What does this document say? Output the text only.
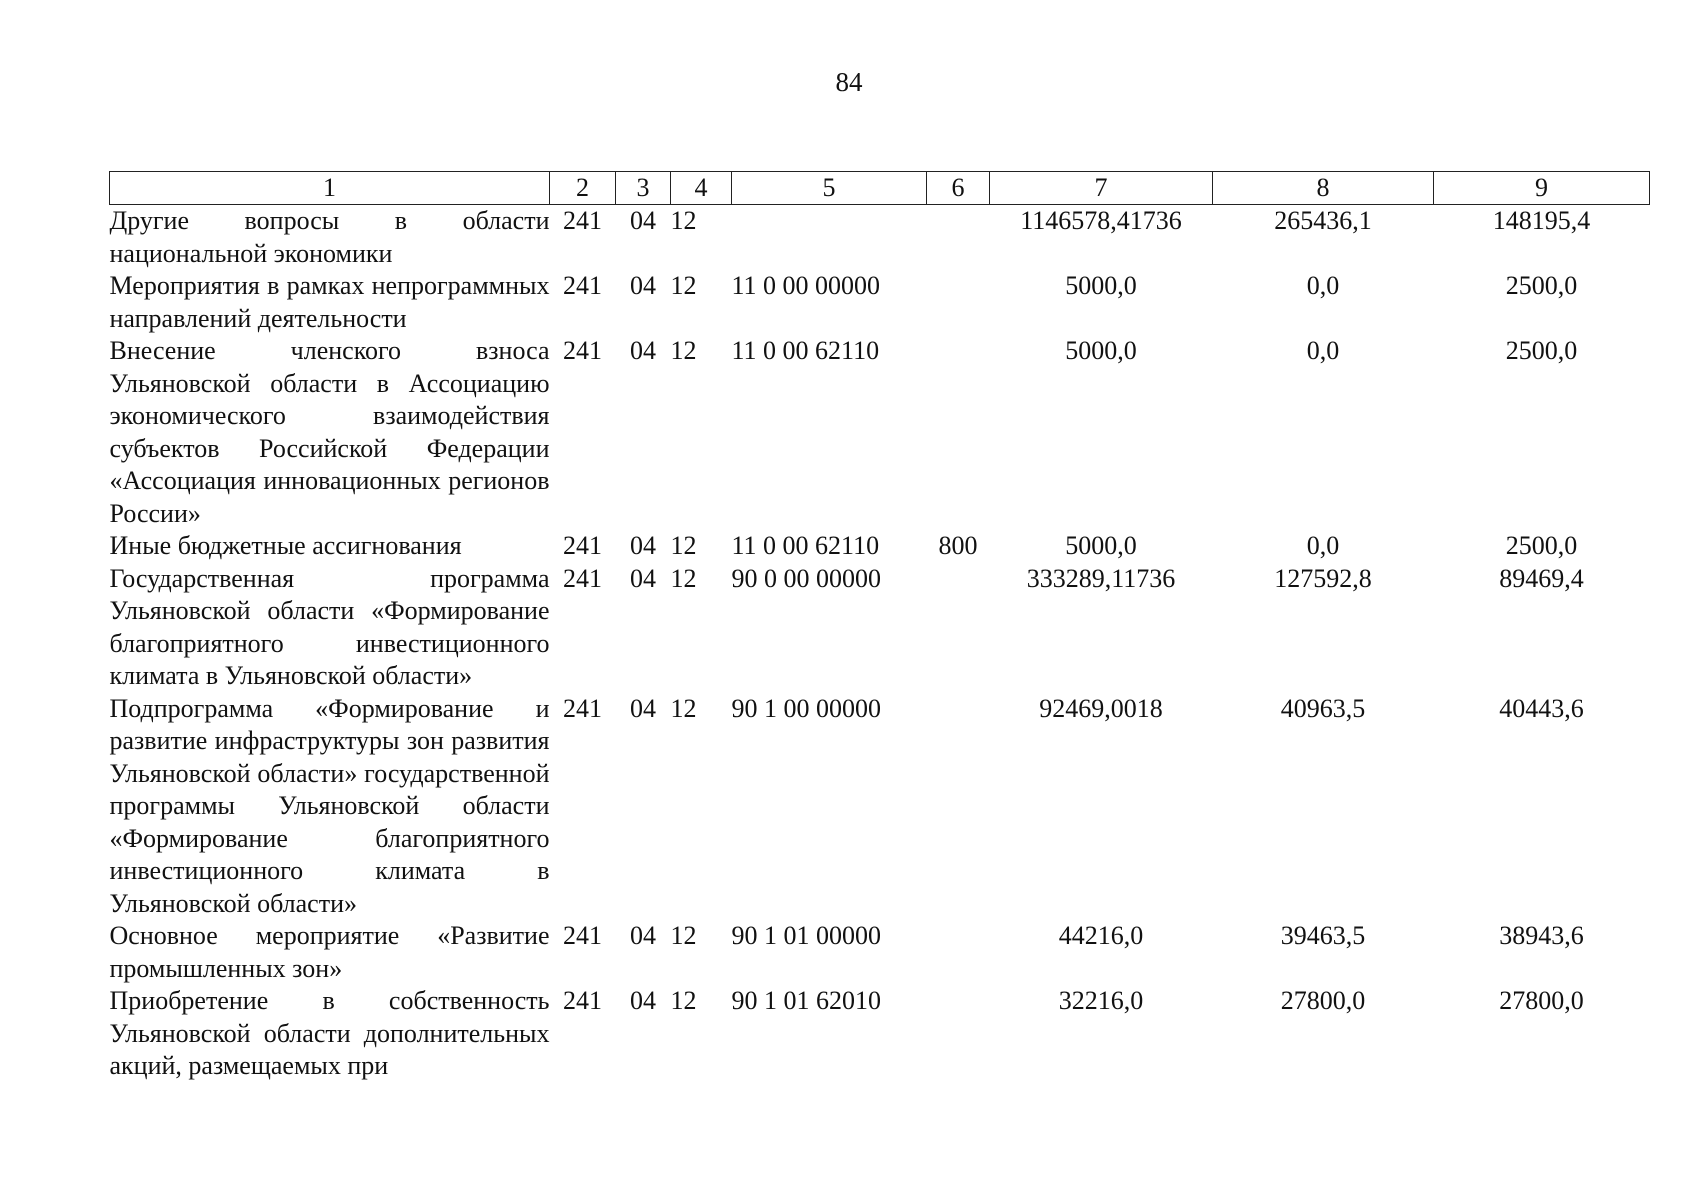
84
1	2	3	4	5	6	7	8	9
Другие вопросы в области национальной экономики	241	04	12			1146578,41736	265436,1	148195,4
Мероприятия в рамках непрограммных направлений деятельности	241	04	12	11 0 00 00000		5000,0	0,0	2500,0
Внесение членского взноса Ульяновской области в Ассоциацию экономического взаимодействия субъектов Российской Федерации «Ассоциация инновационных регионов России»	241	04	12	11 0 00 62110		5000,0	0,0	2500,0
Иные бюджетные ассигнования	241	04	12	11 0 00 62110	800	5000,0	0,0	2500,0
Государственная программа Ульяновской области «Формирование благоприятного инвестиционного климата в Ульяновской области»	241	04	12	90 0 00 00000		333289,11736	127592,8	89469,4
Подпрограмма «Формирование и развитие инфраструктуры зон развития Ульяновской области» государственной программы Ульяновской области «Формирование благоприятного инвестиционного климата в Ульяновской области»	241	04	12	90 1 00 00000		92469,0018	40963,5	40443,6
Основное мероприятие «Развитие промышленных зон»	241	04	12	90 1 01 00000		44216,0	39463,5	38943,6
Приобретение в собственность Ульяновской области дополнительных акций, размещаемых при	241	04	12	90 1 01 62010		32216,0	27800,0	27800,0
